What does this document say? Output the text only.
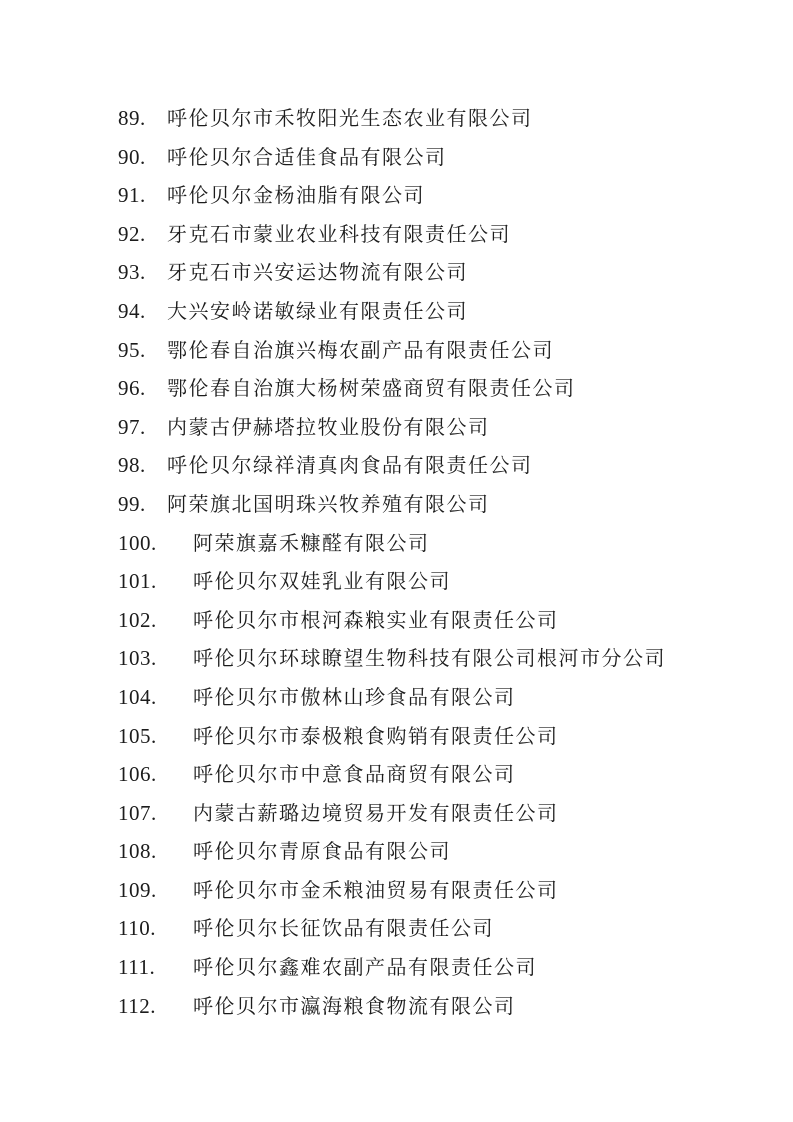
89.	呼伦贝尔市禾牧阳光生态农业有限公司
90.	呼伦贝尔合适佳食品有限公司
91.	呼伦贝尔金杨油脂有限公司
92.	牙克石市蒙业农业科技有限责任公司
93.	牙克石市兴安运达物流有限公司
94.	大兴安岭诺敏绿业有限责任公司
95.	鄂伦春自治旗兴梅农副产品有限责任公司
96.	鄂伦春自治旗大杨树荣盛商贸有限责任公司
97.	内蒙古伊赫塔拉牧业股份有限公司
98.	呼伦贝尔绿祥清真肉食品有限责任公司
99.	阿荣旗北国明珠兴牧养殖有限公司
100.	阿荣旗嘉禾糠醛有限公司
101.	呼伦贝尔双娃乳业有限公司
102.	呼伦贝尔市根河森粮实业有限责任公司
103.	呼伦贝尔环球瞭望生物科技有限公司根河市分公司
104.	呼伦贝尔市傲林山珍食品有限公司
105.	呼伦贝尔市泰极粮食购销有限责任公司
106.	呼伦贝尔市中意食品商贸有限公司
107.	内蒙古薪璐边境贸易开发有限责任公司
108.	呼伦贝尔青原食品有限公司
109.	呼伦贝尔市金禾粮油贸易有限责任公司
110.	呼伦贝尔长征饮品有限责任公司
111.	呼伦贝尔鑫难农副产品有限责任公司
112.	呼伦贝尔市瀛海粮食物流有限公司
